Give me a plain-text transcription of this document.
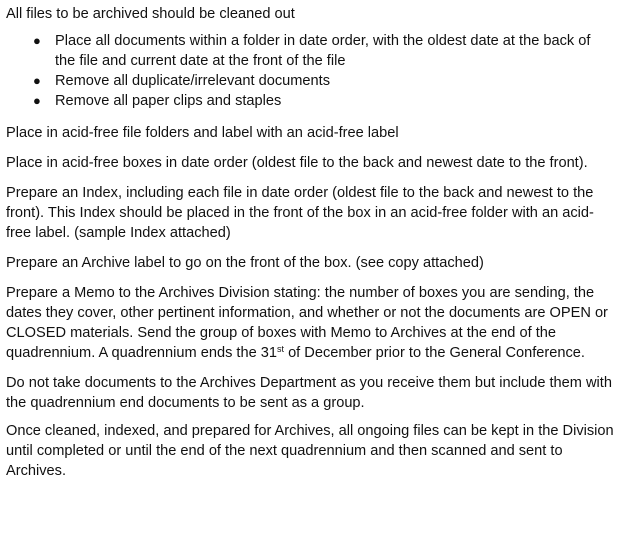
All files to be archived should be cleaned out

● Place all documents within a folder in date order, with the oldest date at the back of the file and current date at the front of the file
● Remove all duplicate/irrelevant documents
● Remove all paper clips and staples

Place in acid-free file folders and label with an acid-free label

Place in acid-free boxes in date order (oldest file to the back and newest date to the front).

Prepare an Index, including each file in date order (oldest file to the back and newest to the front). This Index should be placed in the front of the box in an acid-free folder with an acid-free label. (sample Index attached)

Prepare an Archive label to go on the front of the box. (see copy attached)

Prepare a Memo to the Archives Division stating: the number of boxes you are sending, the dates they cover, other pertinent information, and whether or not the documents are OPEN or CLOSED materials. Send the group of boxes with Memo to Archives at the end of the quadrennium. A quadrennium ends the 31st of December prior to the General Conference.

Do not take documents to the Archives Department as you receive them but include them with the quadrennium end documents to be sent as a group.

Once cleaned, indexed, and prepared for Archives, all ongoing files can be kept in the Division until completed or until the end of the next quadrennium and then scanned and sent to Archives.
